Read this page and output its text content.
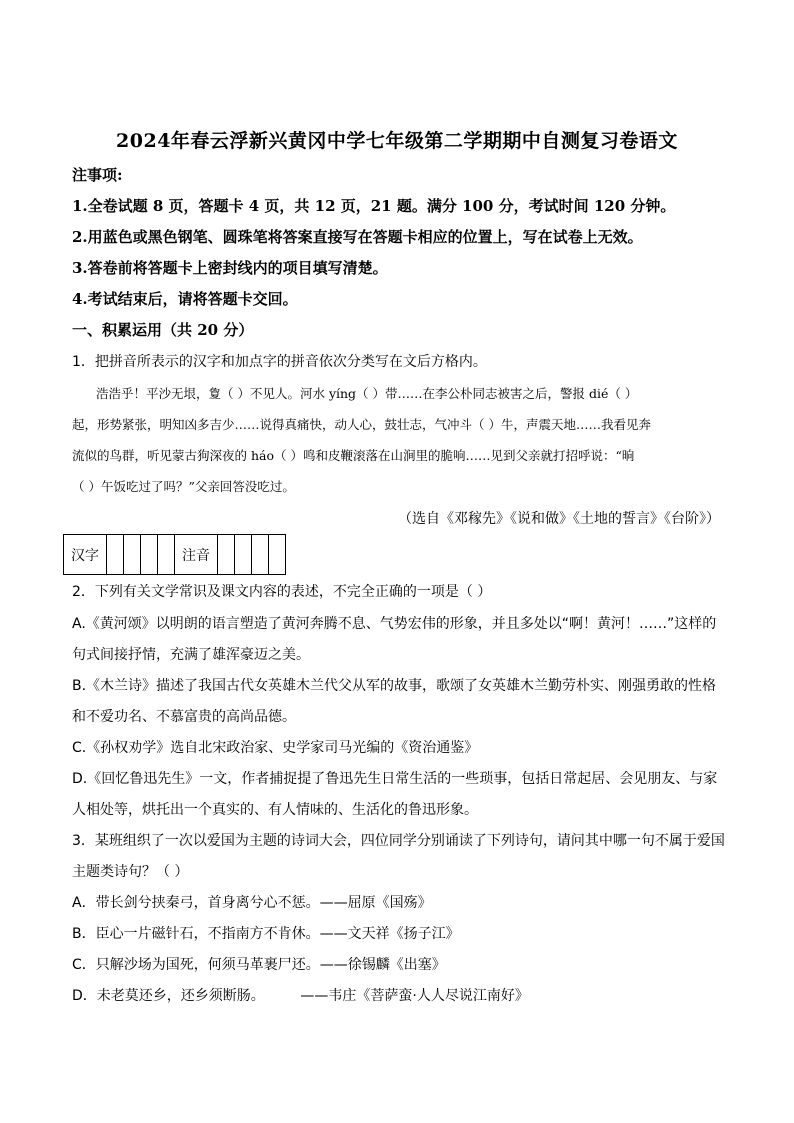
2024年春云浮新兴黄冈中学七年级第二学期期中自测复习卷语文
注事项:
1.全卷试题 8 页，答题卡 4 页，共 12 页，21 题。满分 100 分，考试时间 120 分钟。
2.用蓝色或黑色钢笔、圆珠笔将答案直接写在答题卡相应的位置上，写在试卷上无效。
3.答卷前将答题卡上密封线内的项目填写清楚。
4.考试结束后，请将答题卡交回。
一、积累运用（共 20 分）
1．把拼音所表示的汉字和加点字的拼音依次分类写在文后方格内。
浩浩乎！平沙无垠，夐（ ）不见人。河水 yíng（ ）带……在李公朴同志被害之后，警报 dié（ ）
起，形势紧张，明知凶多吉少……说得真痛快，动人心，鼓壮志，气冲斗（ ）牛，声震天地……我看见奔
流似的鸟群，听见蒙古狗深夜的 háo（ ）鸣和皮鞭滚落在山涧里的脆响……见到父亲就打招呼说：“晌
（ ）午饭吃过了吗？”父亲回答没吃过。
（选自《邓稼先》《说和做》《土地的誓言》《台阶》）
汉字					注音				
2．下列有关文学常识及课文内容的表述，不完全正确的一项是（ ）
A.《黄河颂》以明朗的语言塑造了黄河奔腾不息、气势宏伟的形象，并且多处以“啊！黄河！……”这样的
句式间接抒情，充满了雄浑豪迈之美。
B.《木兰诗》描述了我国古代女英雄木兰代父从军的故事，歌颂了女英雄木兰勤劳朴实、刚强勇敢的性格
和不爱功名、不慕富贵的高尚品德。
C.《孙权劝学》选自北宋政治家、史学家司马光编的《资治通鉴》
D.《回忆鲁迅先生》一文，作者捕捉提了鲁迅先生日常生活的一些琐事，包括日常起居、会见朋友、与家
人相处等，烘托出一个真实的、有人情味的、生活化的鲁迅形象。
3．某班组织了一次以爱国为主题的诗词大会，四位同学分别诵读了下列诗句，请问其中哪一句不属于爱国
主题类诗句？（ ）
A．带长剑兮挟秦弓，首身离兮心不惩。——屈原《国殇》
B．臣心一片磁针石，不指南方不肯休。——文天祥《扬子江》
C．只解沙场为国死，何须马革裹尸还。——徐锡麟《出塞》
D．未老莫还乡，还乡须断肠。        ——韦庄《菩萨蛮·人人尽说江南好》
